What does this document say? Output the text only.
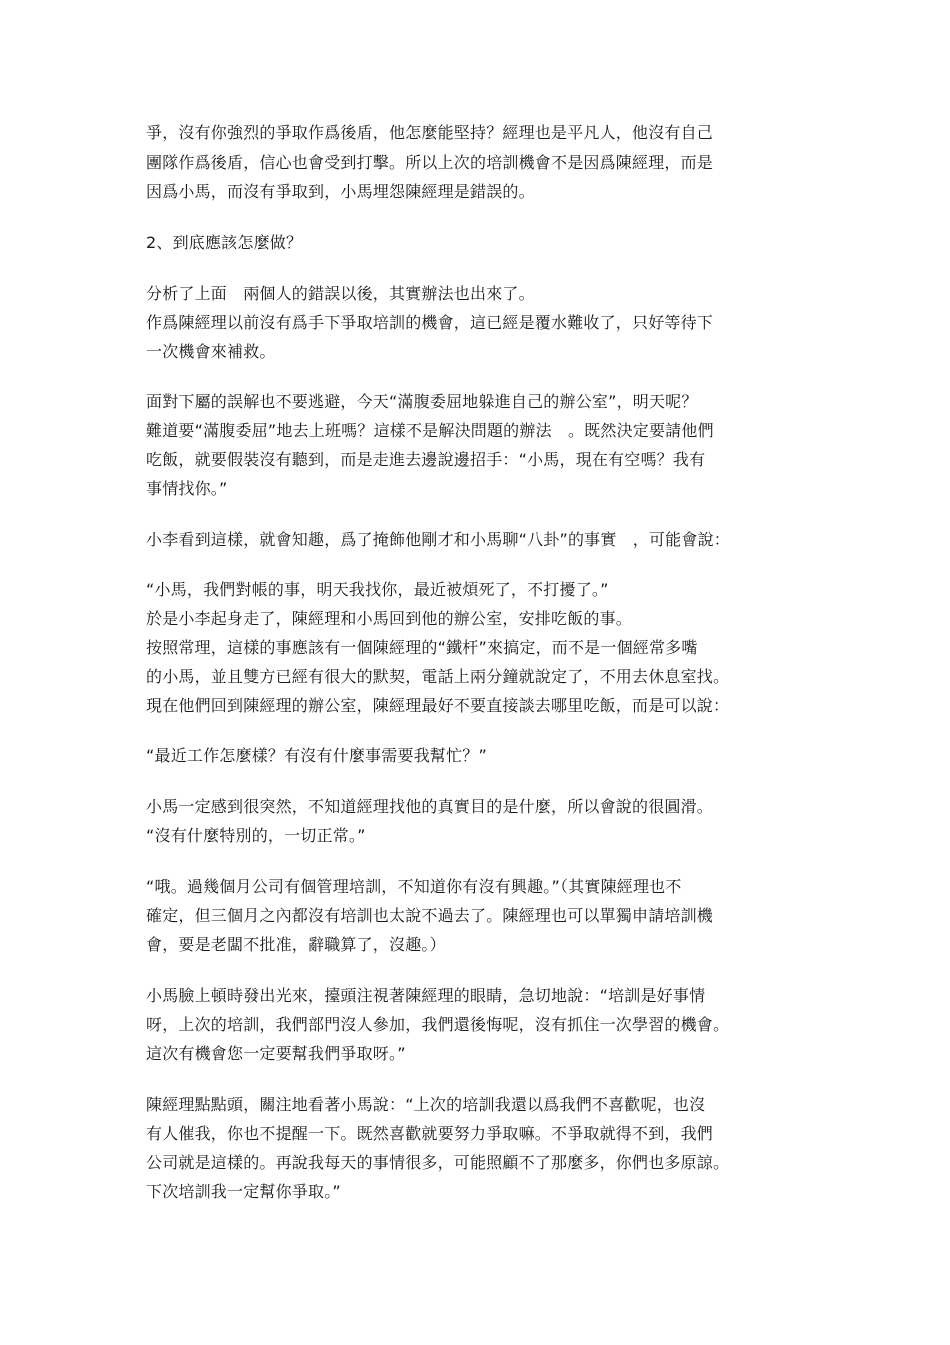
爭，沒有你強烈的爭取作爲後盾，他怎麼能堅持？經理也是平凡人，他沒有自己
團隊作爲後盾，信心也會受到打擊。所以上次的培訓機會不是因爲陳經理，而是
因爲小馬，而沒有爭取到，小馬埋怨陳經理是錯誤的。
2、到底應該怎麼做？
分析了上面　兩個人的錯誤以後，其實辦法也出來了。
作爲陳經理以前沒有爲手下爭取培訓的機會，這已經是覆水難收了，只好等待下
一次機會來補救。
面對下屬的誤解也不要逃避，今天“滿腹委屈地躲進自己的辦公室”，明天呢？
難道要“滿腹委屈”地去上班嗎？這樣不是解決問題的辦法　。既然決定要請他們
吃飯，就要假裝沒有聽到，而是走進去邊說邊招手：“小馬，現在有空嗎？我有
事情找你。”
小李看到這樣，就會知趣，爲了掩飾他剛才和小馬聊“八卦”的事實　，可能會說：
“小馬，我們對帳的事，明天我找你，最近被煩死了，不打擾了。”
於是小李起身走了，陳經理和小馬回到他的辦公室，安排吃飯的事。
按照常理，這樣的事應該有一個陳經理的“鐵杆”來搞定，而不是一個經常多嘴
的小馬，並且雙方已經有很大的默契，電話上兩分鐘就說定了，不用去休息室找。
現在他們回到陳經理的辦公室，陳經理最好不要直接談去哪里吃飯，而是可以說：
“最近工作怎麼樣？有沒有什麼事需要我幫忙？”
小馬一定感到很突然，不知道經理找他的真實目的是什麼，所以會說的很圓滑。
“沒有什麼特別的，一切正常。”
“哦。過幾個月公司有個管理培訓，不知道你有沒有興趣。”（其實陳經理也不
確定，但三個月之內都沒有培訓也太說不過去了。陳經理也可以單獨申請培訓機
會，要是老闆不批准，辭職算了，沒趣。）
小馬臉上頓時發出光來，擡頭注視著陳經理的眼睛，急切地說：“培訓是好事情
呀，上次的培訓，我們部門沒人參加，我們還後悔呢，沒有抓住一次學習的機會。
這次有機會您一定要幫我們爭取呀。”
陳經理點點頭，關注地看著小馬說：“上次的培訓我還以爲我們不喜歡呢，也沒
有人催我，你也不提醒一下。既然喜歡就要努力爭取嘛。不爭取就得不到，我們
公司就是這樣的。再說我每天的事情很多，可能照顧不了那麼多，你們也多原諒。
下次培訓我一定幫你爭取。”
